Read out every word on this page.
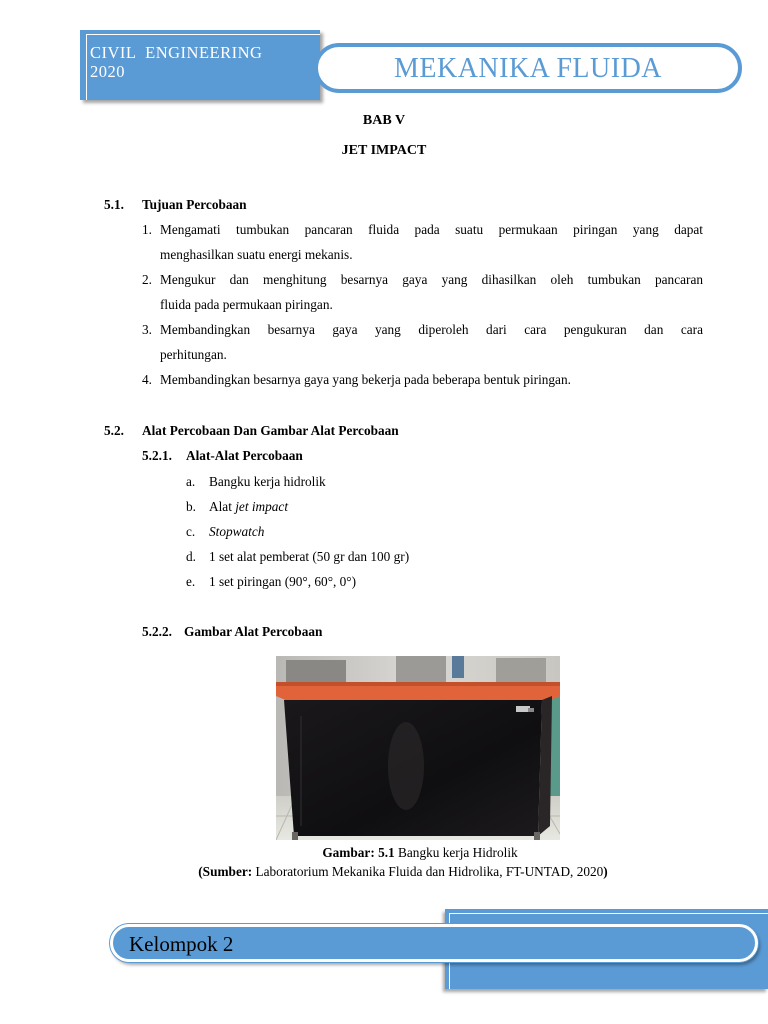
CIVIL  ENGINEERING
2020	MEKANIKA FLUIDA
BAB V
JET IMPACT
5.1. Tujuan Percobaan
1. Mengamati tumbukan pancaran fluida pada suatu permukaan piringan yang dapat
menghasilkan suatu energi mekanis.
2. Mengukur dan menghitung besarnya gaya yang dihasilkan oleh tumbukan pancaran
fluida pada permukaan piringan.
3. Membandingkan besarnya gaya yang diperoleh dari cara pengukuran dan cara
perhitungan.
4. Membandingkan besarnya gaya yang bekerja pada beberapa bentuk piringan.
5.2. Alat Percobaan Dan Gambar Alat Percobaan
5.2.1. Alat-Alat Percobaan
a. Bangku kerja hidrolik
b. Alat jet impact
c. Stopwatch
d. 1 set alat pemberat (50 gr dan 100 gr)
e. 1 set piringan (90°, 60°, 0°)
5.2.2. Gambar Alat Percobaan
Gambar: 5.1 Bangku kerja Hidrolik
(Sumber: Laboratorium Mekanika Fluida dan Hidrolika, FT-UNTAD, 2020)
Kelompok 2
